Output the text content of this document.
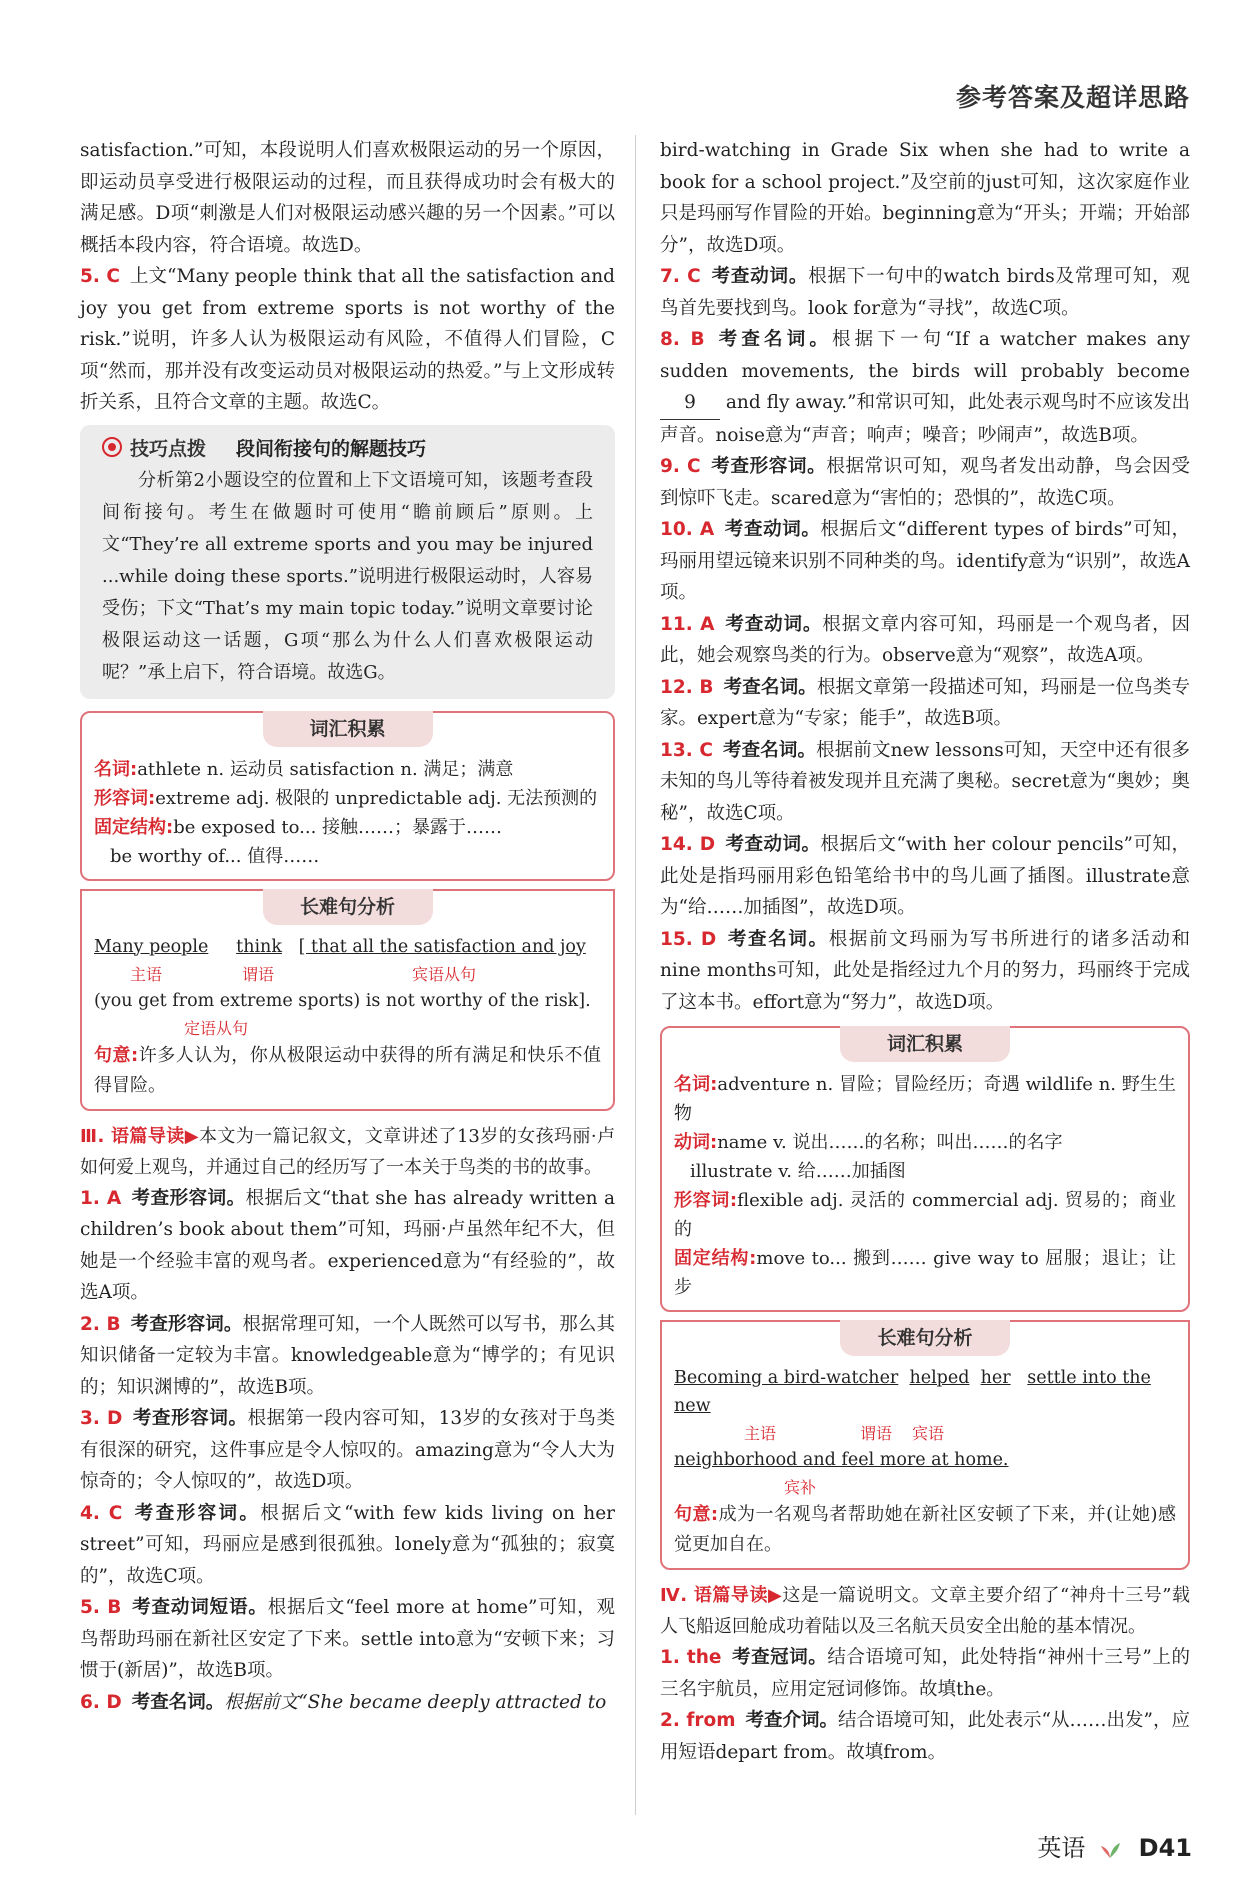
参考答案及超详思路

satisfaction.”可知，本段说明人们喜欢极限运动的另一个原因，即运动员享受进行极限运动的过程，而且获得成功时会有极大的满足感。D项“刺激是人们对极限运动感兴趣的另一个因素。”可以概括本段内容，符合语境。故选D。

5. C 上文“Many people think that all the satisfaction and joy you get from extreme sports is not worthy of the risk.”说明，许多人认为极限运动有风险，不值得人们冒险，C项“然而，那并没有改变运动员对极限运动的热爱。”与上文形成转折关系，且符合文章的主题。故选C。
技巧点拨 段间衔接句的解题技巧

分析第2小题设空的位置和上下文语境可知，该题考查段间衔接句。考生在做题时可使用“瞻前顾后”原则。上文“They’re all extreme sports and you may be injured ...while doing these sports.”说明进行极限运动时，人容易受伤；下文“That’s my main topic today.”说明文章要讨论极限运动这一话题，G项“那么为什么人们喜欢极限运动呢？”承上启下，符合语境。故选G。

词汇积累

名词:athlete n. 运动员 satisfaction n. 满足；满意

形容词:extreme adj. 极限的 unpredictable adj. 无法预测的

固定结构:be exposed to... 接触……；暴露于……

be worthy of... 值得……

长难句分析
Many people think [ that all the satisfaction and joy
主语	谓语	宾语从句
(you get from extreme sports) is not worthy of the risk].
定语从句

句意:许多人认为，你从极限运动中获得的所有满足和快乐不值得冒险。

Ⅲ. 语篇导读▶本文为一篇记叙文，文章讲述了13岁的女孩玛丽·卢如何爱上观鸟，并通过自己的经历写了一本关于鸟类的书的故事。

1. A 考查形容词。根据后文“that she has already written a children’s book about them”可知，玛丽·卢虽然年纪不大，但她是一个经验丰富的观鸟者。experienced意为“有经验的”，故选A项。
2. B 考查形容词。根据常理可知，一个人既然可以写书，那么其知识储备一定较为丰富。knowledgeable意为“博学的；有见识的；知识渊博的”，故选B项。
3. D 考查形容词。根据第一段内容可知，13岁的女孩对于鸟类有很深的研究，这件事应是令人惊叹的。amazing意为“令人大为惊奇的；令人惊叹的”，故选D项。
4. C 考查形容词。根据后文“with few kids living on her street”可知，玛丽应是感到很孤独。lonely意为“孤独的；寂寞的”，故选C项。
5. B 考查动词短语。根据后文“feel more at home”可知，观鸟帮助玛丽在新社区安定了下来。settle into意为“安顿下来；习惯于(新居)”，故选B项。
6. D 考查名词。根据前文“She became deeply attracted to

bird-watching in Grade Six when she had to write a book for a school project.”及空前的just可知，这次家庭作业只是玛丽写作冒险的开始。beginning意为“开头；开端；开始部分”，故选D项。

7. C 考查动词。根据下一句中的watch birds及常理可知，观鸟首先要找到鸟。look for意为“寻找”，故选C项。
8. B 考查名词。根据下一句“If a watcher makes any sudden movements, the birds will probably become 9 and fly away.”和常识可知，此处表示观鸟时不应该发出声音。noise意为“声音；响声；噪音；吵闹声”，故选B项。
9. C 考查形容词。根据常识可知，观鸟者发出动静，鸟会因受到惊吓飞走。scared意为“害怕的；恐惧的”，故选C项。
10. A 考查动词。根据后文“different types of birds”可知，玛丽用望远镜来识别不同种类的鸟。identify意为“识别”，故选A项。
11. A 考查动词。根据文章内容可知，玛丽是一个观鸟者，因此，她会观察鸟类的行为。observe意为“观察”，故选A项。
12. B 考查名词。根据文章第一段描述可知，玛丽是一位鸟类专家。expert意为“专家；能手”，故选B项。
13. C 考查名词。根据前文new lessons可知，天空中还有很多未知的鸟儿等待着被发现并且充满了奥秘。secret意为“奥妙；奥秘”，故选C项。
14. D 考查动词。根据后文“with her colour pencils”可知，此处是指玛丽用彩色铅笔给书中的鸟儿画了插图。illustrate意为“给……加插图”，故选D项。
15. D 考查名词。根据前文玛丽为写书所进行的诸多活动和nine months可知，此处是指经过九个月的努力，玛丽终于完成了这本书。effort意为“努力”，故选D项。
词汇积累

名词:adventure n. 冒险；冒险经历；奇遇 wildlife n. 野生生物

动词:name v. 说出……的名称；叫出……的名字

illustrate v. 给……加插图

形容词:flexible adj. 灵活的 commercial adj. 贸易的；商业的

固定结构:move to... 搬到…… give way to 屈服；退让；让步

长难句分析
Becoming a bird-watcher helped her settle into the new
主语	谓语 宾语
neighborhood and feel more at home.
宾补

句意:成为一名观鸟者帮助她在新社区安顿了下来，并(让她)感觉更加自在。

Ⅳ. 语篇导读▶这是一篇说明文。文章主要介绍了“神舟十三号”载人飞船返回舱成功着陆以及三名航天员安全出舱的基本情况。

1. the 考查冠词。结合语境可知，此处特指“神州十三号”上的三名宇航员，应用定冠词修饰。故填the。
2. from 考查介词。结合语境可知，此处表示“从……出发”，应用短语depart from。故填from。
英语 D41
